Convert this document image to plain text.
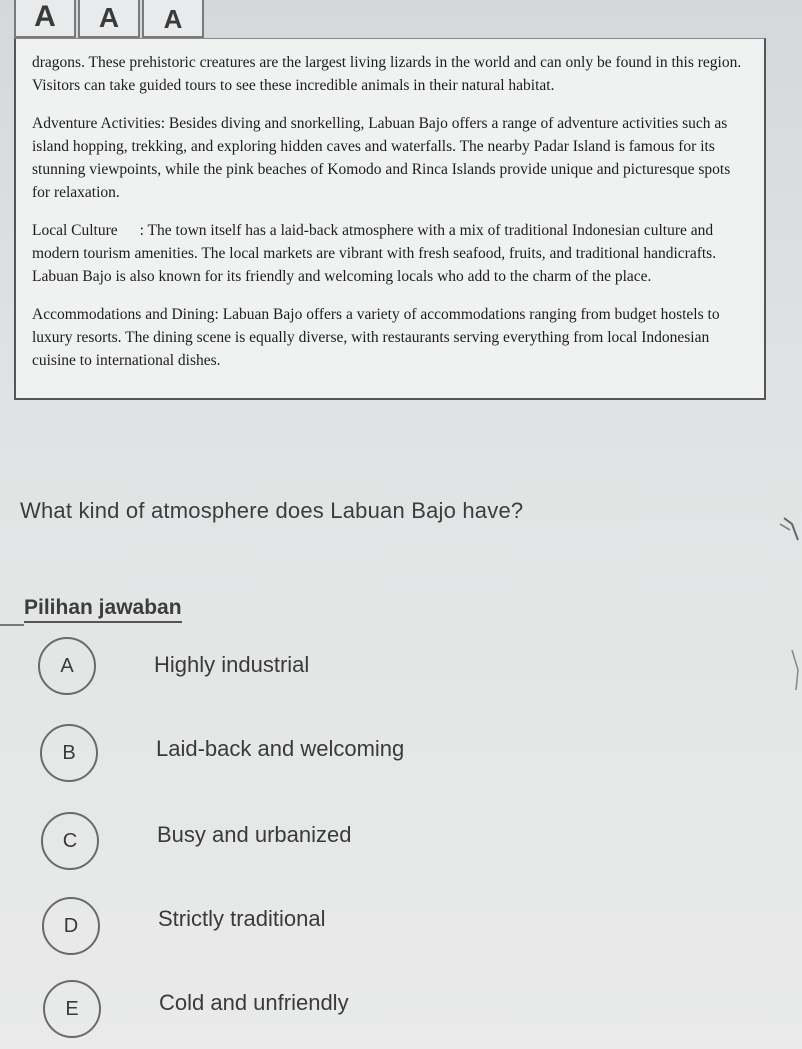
A	A	A

dragons. These prehistoric creatures are the largest living lizards in the world and can only be found in this region. Visitors can take guided tours to see these incredible animals in their natural habitat.

Adventure Activities: Besides diving and snorkelling, Labuan Bajo offers a range of adventure activities such as island hopping, trekking, and exploring hidden caves and waterfalls. The nearby Padar Island is famous for its stunning viewpoints, while the pink beaches of Komodo and Rinca Islands provide unique and picturesque spots for relaxation.

Local Culture : The town itself has a laid-back atmosphere with a mix of traditional Indonesian culture and modern tourism amenities. The local markets are vibrant with fresh seafood, fruits, and traditional handicrafts. Labuan Bajo is also known for its friendly and welcoming locals who add to the charm of the place.

Accommodations and Dining: Labuan Bajo offers a variety of accommodations ranging from budget hostels to luxury resorts. The dining scene is equally diverse, with restaurants serving everything from local Indonesian cuisine to international dishes.

What kind of atmosphere does Labuan Bajo have?
Pilihan jawaban
A	Highly industrial
B	Laid-back and welcoming
C	Busy and urbanized
D	Strictly traditional
E	Cold and unfriendly
